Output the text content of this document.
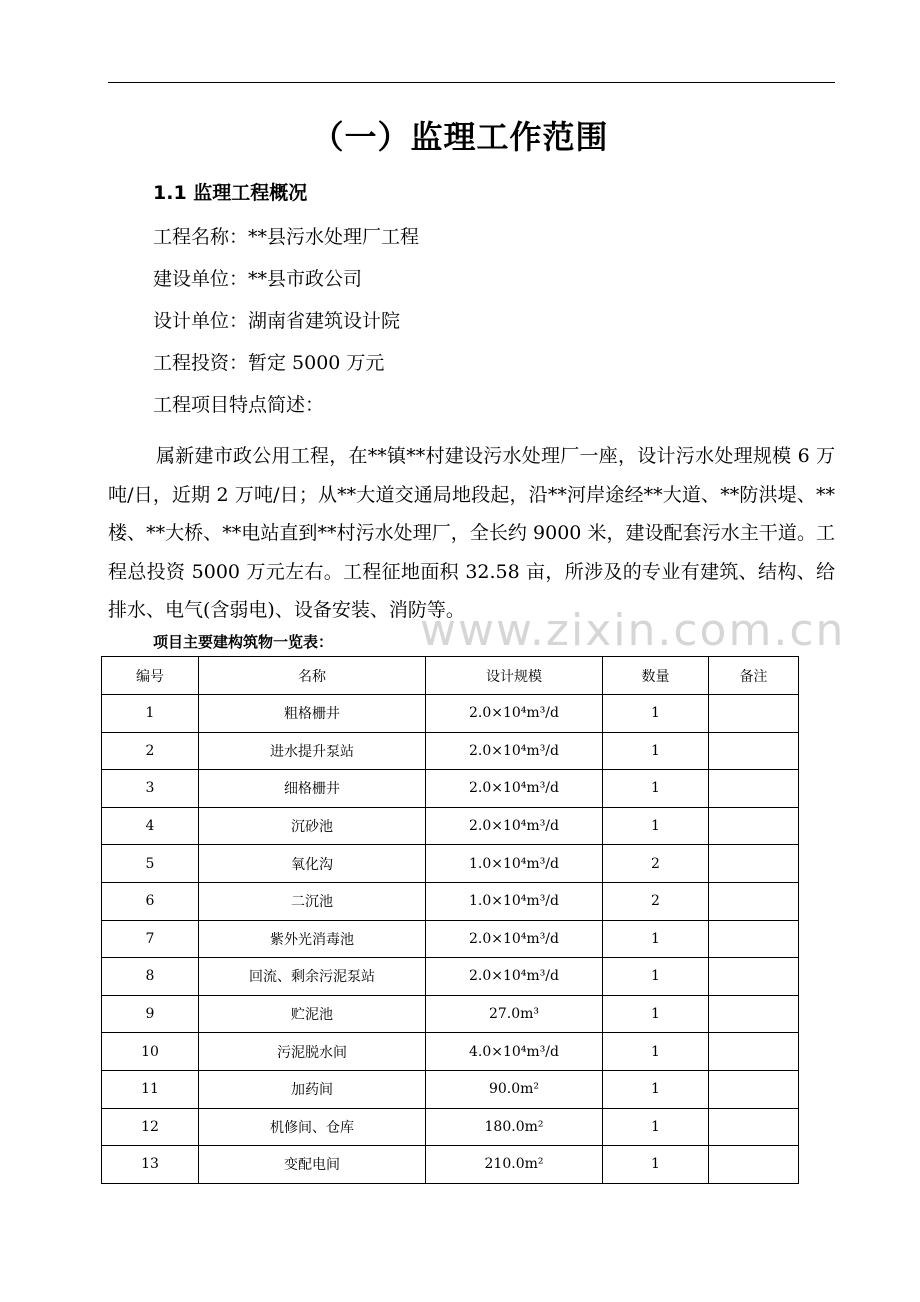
（一）监理工作范围
1.1 监理工程概况
工程名称：**县污水处理厂工程
建设单位：**县市政公司
设计单位：湖南省建筑设计院
工程投资：暂定 5000 万元
工程项目特点简述：

属新建市政公用工程，在**镇**村建设污水处理厂一座，设计污水处理规模 6 万吨/日，近期 2 万吨/日；从**大道交通局地段起，沿**河岸途经**大道、**防洪堤、**楼、**大桥、**电站直到**村污水处理厂，全长约 9000 米，建设配套污水主干道。工程总投资 5000 万元左右。工程征地面积 32.58 亩，所涉及的专业有建筑、结构、给排水、电气(含弱电)、设备安装、消防等。

www.zixin.com.cn
项目主要建构筑物一览表：
编号	名称	设计规模	数量	备注
1	粗格栅井	2.0×10⁴m³/d	1	
2	进水提升泵站	2.0×10⁴m³/d	1	
3	细格栅井	2.0×10⁴m³/d	1	
4	沉砂池	2.0×10⁴m³/d	1	
5	氧化沟	1.0×10⁴m³/d	2	
6	二沉池	1.0×10⁴m³/d	2	
7	紫外光消毒池	2.0×10⁴m³/d	1	
8	回流、剩余污泥泵站	2.0×10⁴m³/d	1	
9	贮泥池	27.0m³	1	
10	污泥脱水间	4.0×10⁴m³/d	1	
11	加药间	90.0m²	1	
12	机修间、仓库	180.0m²	1	
13	变配电间	210.0m²	1	
